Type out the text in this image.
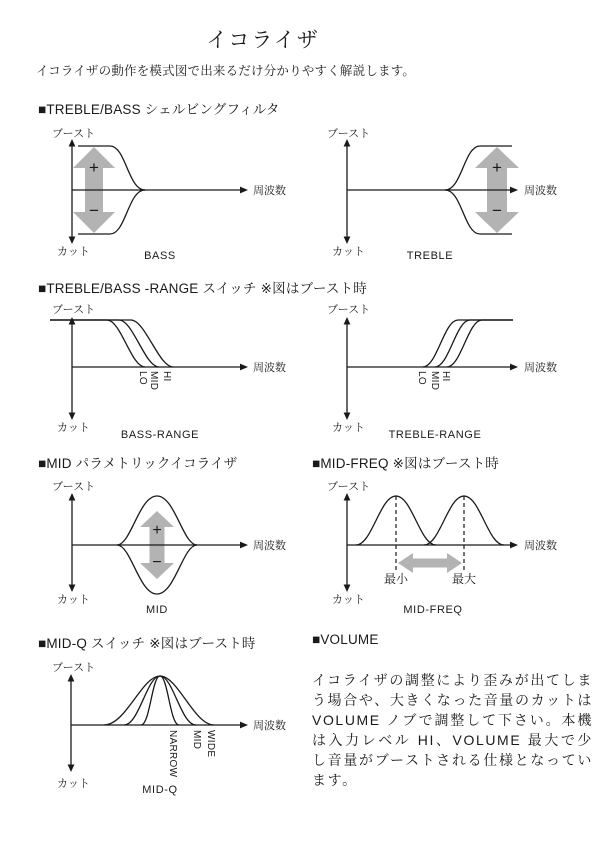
イコライザ
イコライザの動作を模式図で出来るだけ分かりやすく解説します。
■TREBLE/BASS シェルビングフィルタ
■TREBLE/BASS -RANGE スイッチ ※図はブースト時
■MID パラメトリックイコライザ	■MID-FREQ ※図はブースト時
■MID-Q スイッチ ※図はブースト時	■VOLUME
ブースト
カット
周波数
+
−
BASS
ブースト
カット
周波数
+
−
TREBLE
ブースト
カット
周波数
LO MID HI
BASS-RANGE
ブースト
カット
周波数
LO MID HI
TREBLE-RANGE
ブースト
カット
周波数
+
−
MID
ブースト
カット
周波数
最小	最大
MID-FREQ
ブースト
カット
周波数
NARROW MID WIDE
MID-Q
イコライザの調整により歪みが出てしまう場合や、大きくなった音量のカットは VOLUME ノブで調整して下さい。本機は入力レベル HI、VOLUME 最大で少し音量がブーストされる仕様となっています。
